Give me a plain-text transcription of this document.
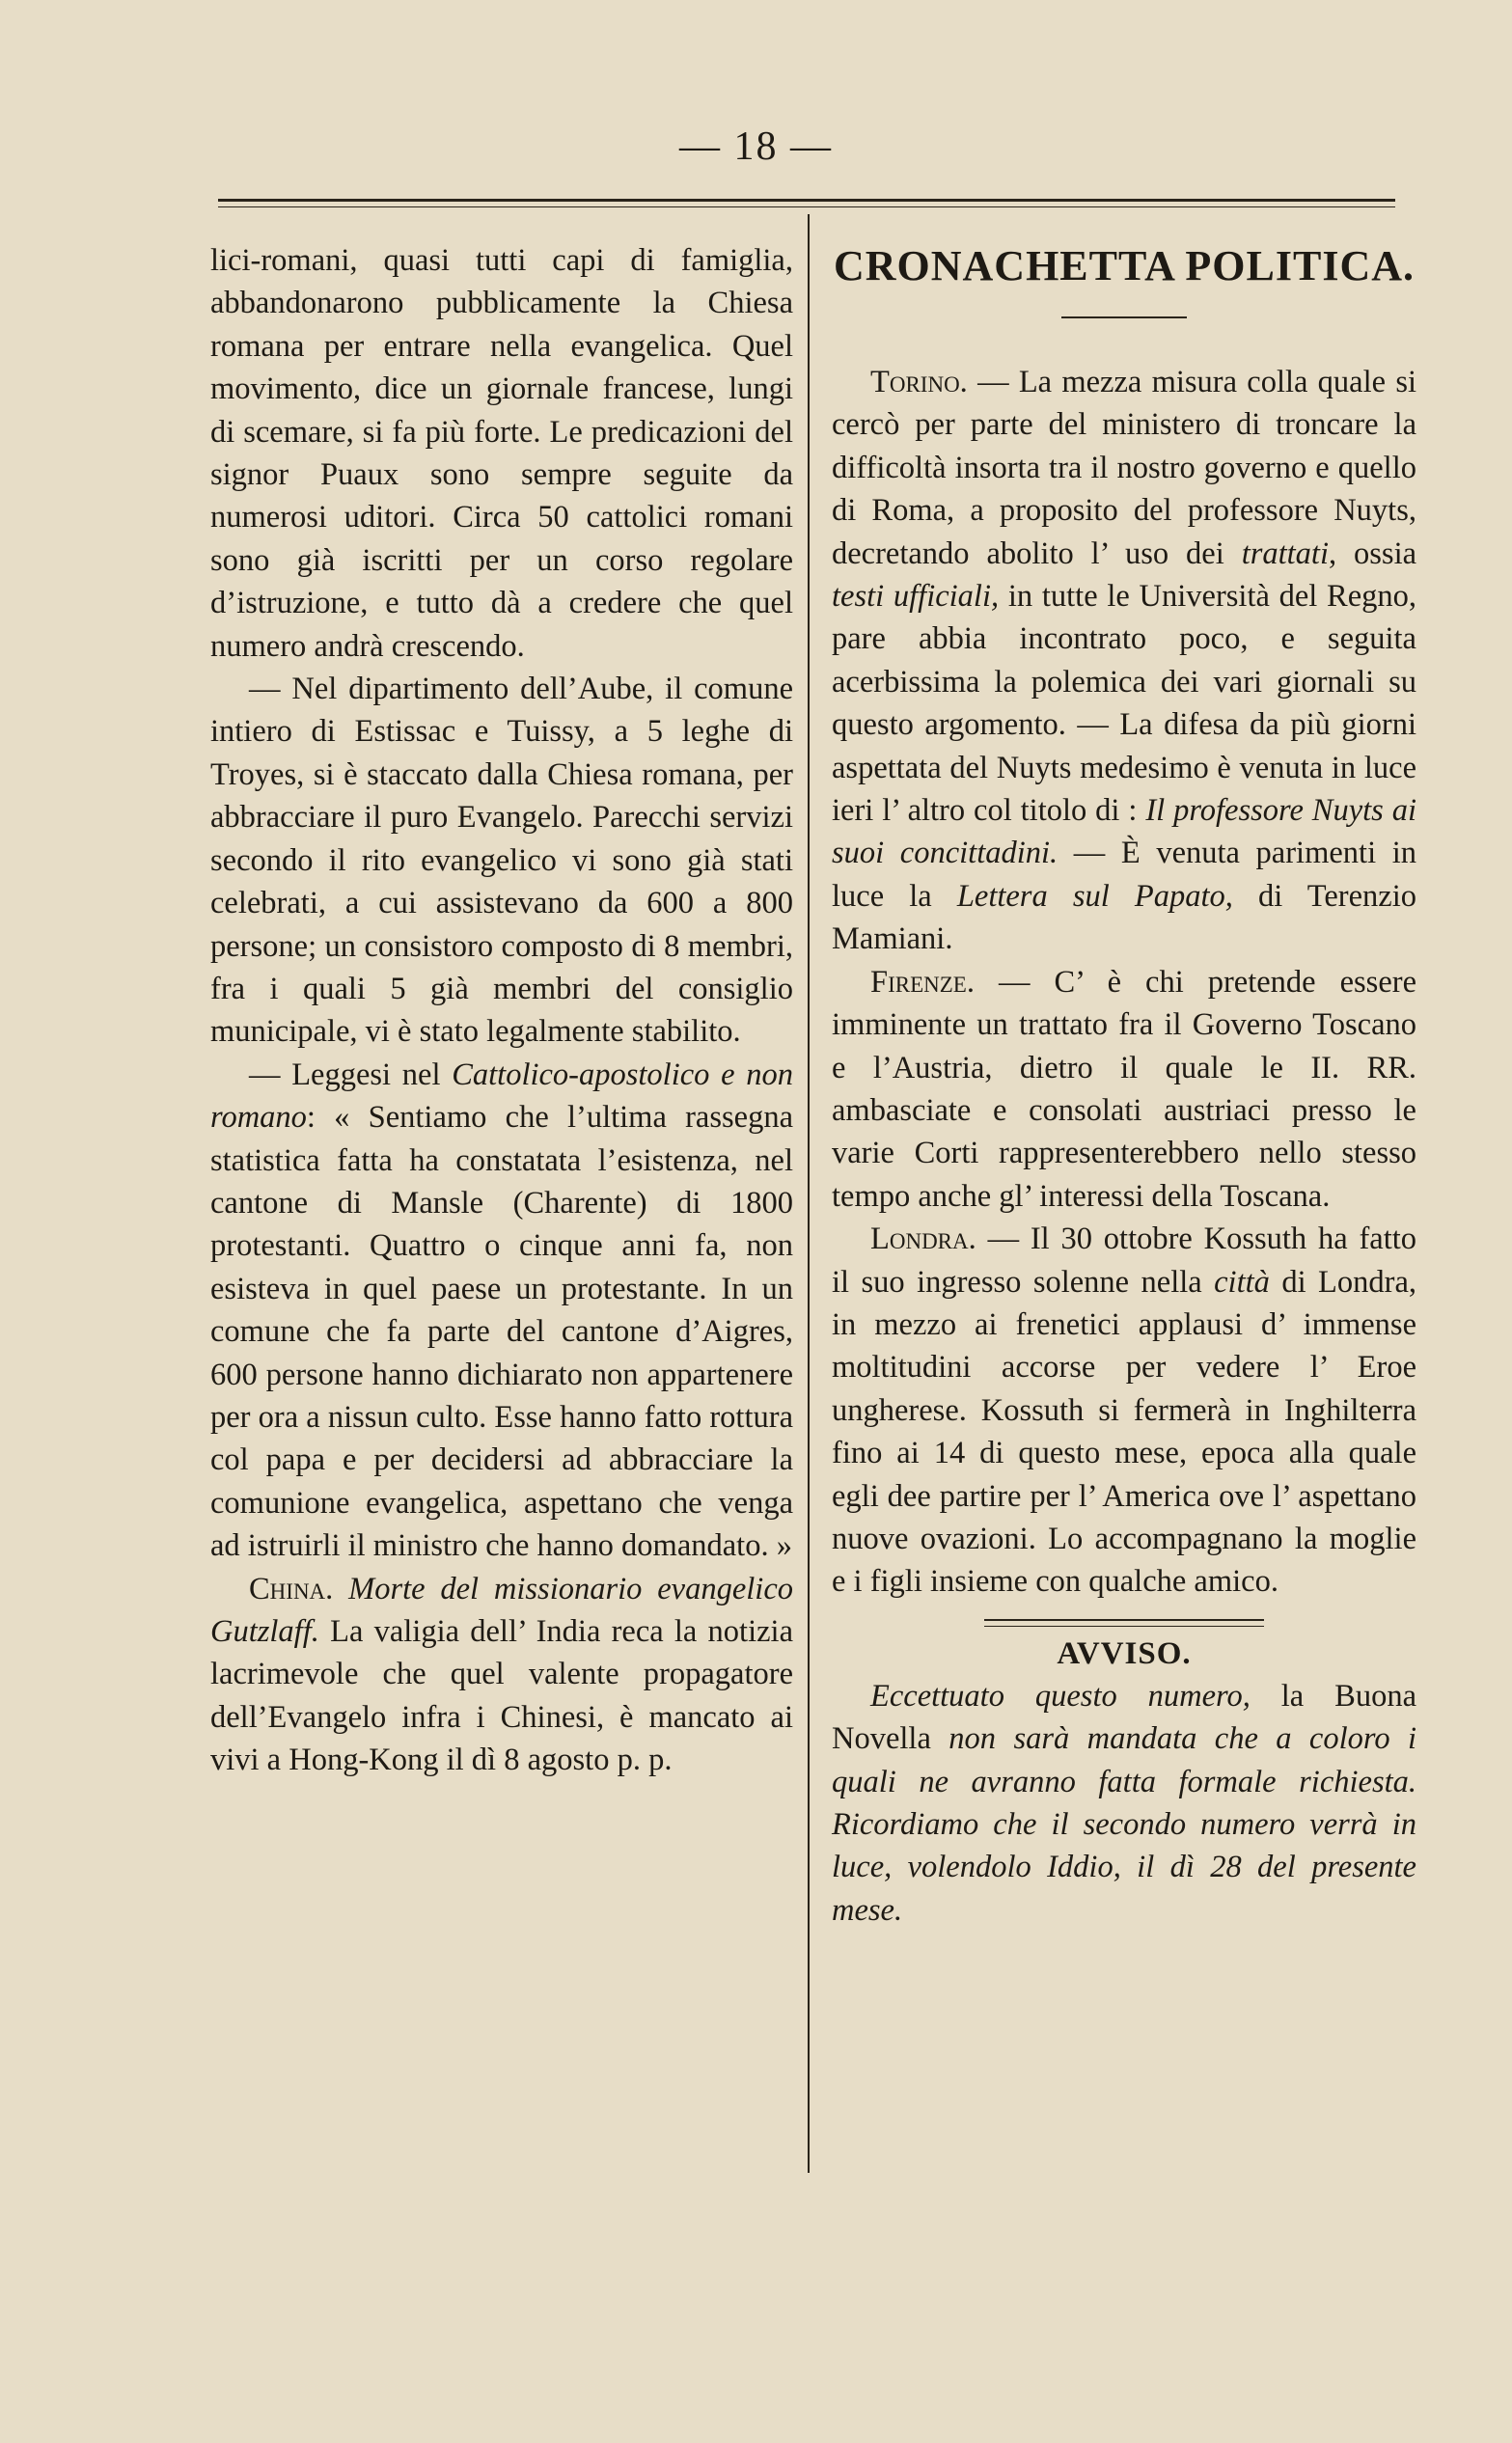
— 18 —

lici-romani, quasi tutti capi di famiglia, abbandonarono pubblicamente la Chiesa romana per entrare nella evangelica. Quel movimento, dice un giornale francese, lungi di scemare, si fa più forte. Le predicazioni del signor Puaux sono sempre seguite da numerosi uditori. Circa 50 cattolici romani sono già iscritti per un corso regolare d’istruzione, e tutto dà a credere che quel numero andrà crescendo.

— Nel dipartimento dell’Aube, il comune intiero di Estissac e Tuissy, a 5 leghe di Troyes, si è staccato dalla Chiesa romana, per abbracciare il puro Evangelo. Parecchi servizi secondo il rito evangelico vi sono già stati celebrati, a cui assistevano da 600 a 800 persone; un consistoro composto di 8 membri, fra i quali 5 già membri del consiglio municipale, vi è stato legalmente stabilito.

— Leggesi nel Cattolico-apostolico e non romano: « Sentiamo che l’ultima rassegna statistica fatta ha constatata l’esistenza, nel cantone di Mansle (Charente) di 1800 protestanti. Quattro o cinque anni fa, non esisteva in quel paese un protestante. In un comune che fa parte del cantone d’Aigres, 600 persone hanno dichiarato non appartenere per ora a nissun culto. Esse hanno fatto rottura col papa e per decidersi ad abbracciare la comunione evangelica, aspettano che venga ad istruirli il ministro che hanno domandato. »

China. Morte del missionario evangelico Gutzlaff. La valigia dell’ India reca la notizia lacrimevole che quel valente propagatore dell’Evangelo infra i Chinesi, è mancato ai vivi a Hong-Kong il dì 8 agosto p. p.

CRONACHETTA POLITICA.

Torino. — La mezza misura colla quale si cercò per parte del ministero di troncare la difficoltà insorta tra il nostro governo e quello di Roma, a proposito del professore Nuyts, decretando abolito l’ uso dei trattati, ossia testi ufficiali, in tutte le Università del Regno, pare abbia incontrato poco, e seguita acerbissima la polemica dei vari giornali su questo argomento. — La difesa da più giorni aspettata del Nuyts medesimo è venuta in luce ieri l’ altro col titolo di : Il professore Nuyts ai suoi concittadini. — È venuta parimenti in luce la Lettera sul Papato, di Terenzio Mamiani.

Firenze. — C’ è chi pretende essere imminente un trattato fra il Governo Toscano e l’Austria, dietro il quale le II. RR. ambasciate e consolati austriaci presso le varie Corti rappresenterebbero nello stesso tempo anche gl’ interessi della Toscana.

Londra. — Il 30 ottobre Kossuth ha fatto il suo ingresso solenne nella città di Londra, in mezzo ai frenetici applausi d’ immense moltitudini accorse per vedere l’ Eroe ungherese. Kossuth si fermerà in Inghilterra fino ai 14 di questo mese, epoca alla quale egli dee partire per l’ America ove l’ aspettano nuove ovazioni. Lo accompagnano la moglie e i figli insieme con qualche amico.

AVVISO.

Eccettuato questo numero, la Buona Novella non sarà mandata che a coloro i quali ne avranno fatta formale richiesta. Ricordiamo che il secondo numero verrà in luce, volendolo Iddio, il dì 28 del presente mese.
